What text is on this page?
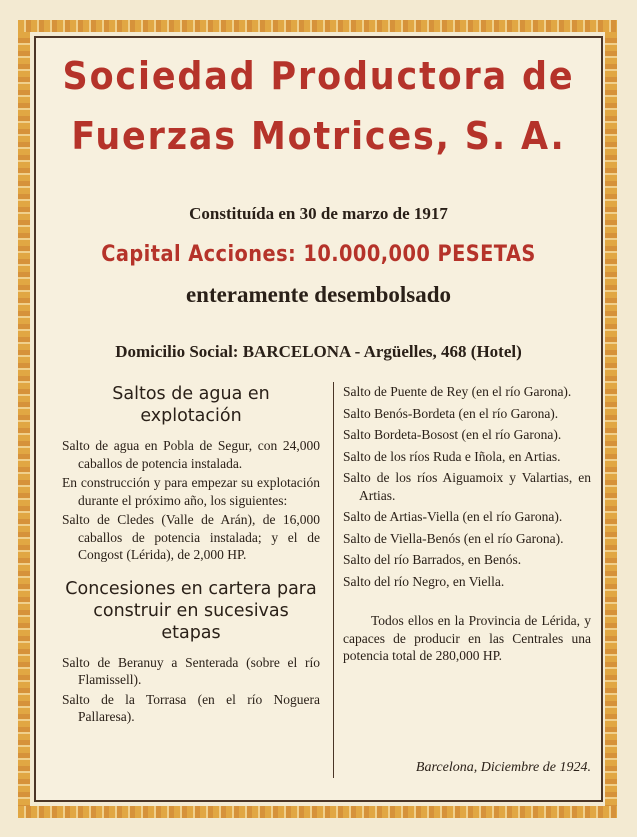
Sociedad Productora de
Fuerzas Motrices, S. A.
Constituída en 30 de marzo de 1917
Capital Acciones: 10.000,000 PESETAS
enteramente desembolsado
Domicilio Social: BARCELONA - Argüelles, 468 (Hotel)
Saltos de agua en explotación
Salto de agua en Pobla de Segur, con 24,000 caballos de potencia instalada.
En construcción y para empezar su explotación durante el próximo año, los siguientes:
Salto de Cledes (Valle de Arán), de 16,000 caballos de potencia instalada; y el de Congost (Lérida), de 2,000 HP.
Concesiones en cartera para construir en sucesivas etapas
Salto de Beranuy a Senterada (sobre el río Flamissell).
Salto de la Torrasa (en el río Noguera Pallaresa).
Salto de Puente de Rey (en el río Garona).
Salto Benós-Bordeta (en el río Garona).
Salto Bordeta-Bosost (en el río Garona).
Salto de los ríos Ruda e Iñola, en Artias.
Salto de los ríos Aiguamoix y Valartias, en Artias.
Salto de Artias-Viella (en el río Garona).
Salto de Viella-Benós (en el río Garona).
Salto del río Barrados, en Benós.
Salto del río Negro, en Viella.
Todos ellos en la Provincia de Lérida, y capaces de producir en las Centrales una potencia total de 280,000 HP.
Barcelona, Diciembre de 1924.
